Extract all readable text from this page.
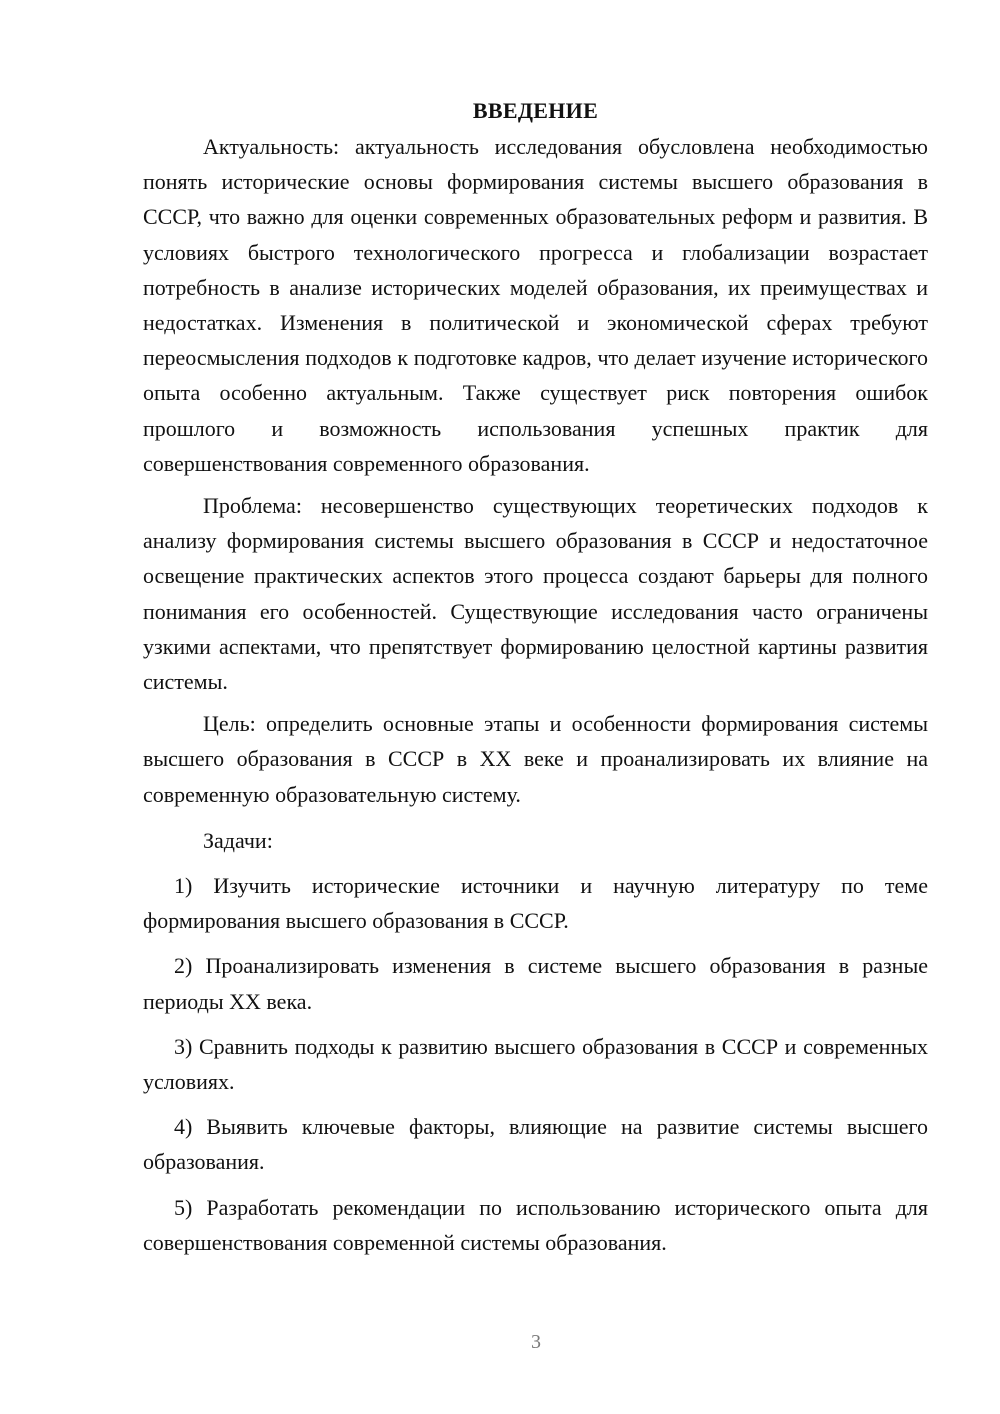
ВВЕДЕНИЕ

Актуальность: актуальность исследования обусловлена необходимостью понять исторические основы формирования системы высшего образования в СССР, что важно для оценки современных образовательных реформ и развития. В условиях быстрого технологического прогресса и глобализации возрастает потребность в анализе исторических моделей образования, их преимуществах и недостатках. Изменения в политической и экономической сферах требуют переосмысления подходов к подготовке кадров, что делает изучение исторического опыта особенно актуальным. Также существует риск повторения ошибок прошлого и возможность использования успешных практик для совершенствования современного образования.

Проблема: несовершенство существующих теоретических подходов к анализу формирования системы высшего образования в СССР и недостаточное освещение практических аспектов этого процесса создают барьеры для полного понимания его особенностей. Существующие исследования часто ограничены узкими аспектами, что препятствует формированию целостной картины развития системы.

Цель: определить основные этапы и особенности формирования системы высшего образования в СССР в XX веке и проанализировать их влияние на современную образовательную систему.

Задачи:

1) Изучить исторические источники и научную литературу по теме формирования высшего образования в СССР.

2) Проанализировать изменения в системе высшего образования в разные периоды XX века.

3) Сравнить подходы к развитию высшего образования в СССР и современных условиях.

4) Выявить ключевые факторы, влияющие на развитие системы высшего образования.

5) Разработать рекомендации по использованию исторического опыта для совершенствования современной системы образования.

3
